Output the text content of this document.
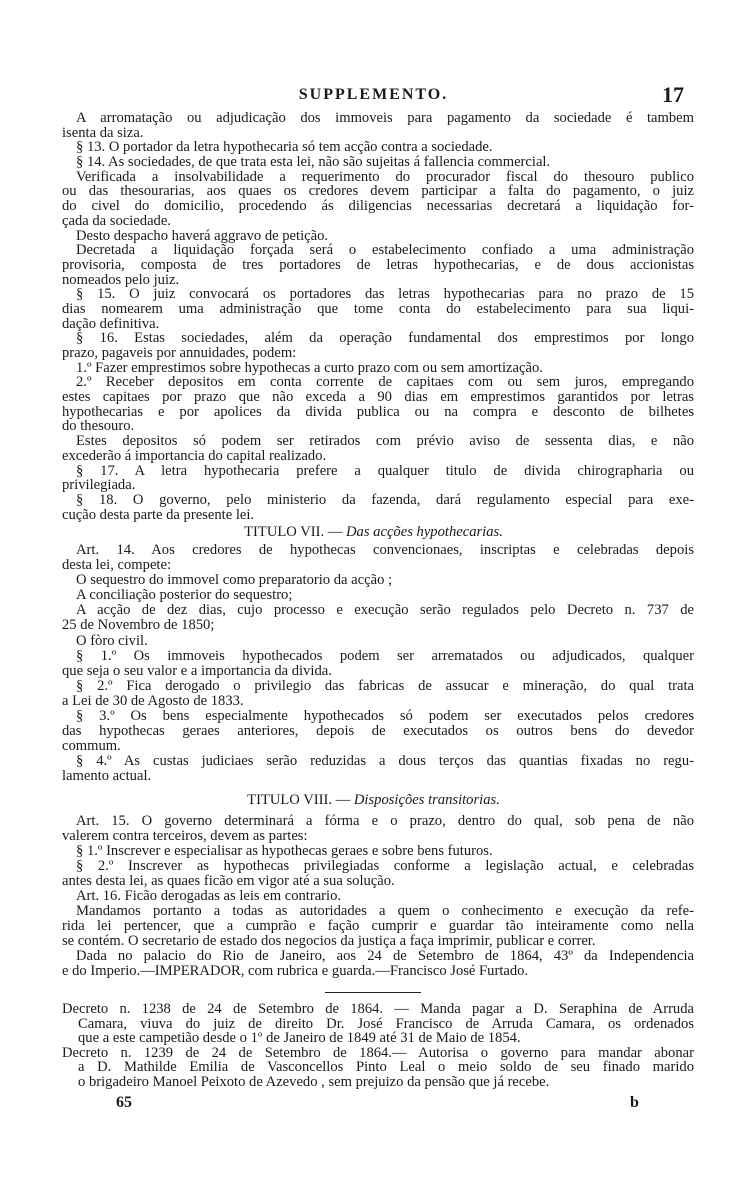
SUPPLEMENTO.	17
A arromatação ou adjudicação dos immoveis para pagamento da sociedade é tambem
isenta da siza.
§ 13. O portador da letra hypothecaria só tem acção contra a sociedade.
§ 14. As sociedades, de que trata esta lei, não são sujeitas á fallencia commercial.
Verificada a insolvabilidade a requerimento do procurador fiscal do thesouro publico
ou das thesourarias, aos quaes os credores devem participar a falta do pagamento, o juiz
do civel do domicilio, procedendo ás diligencias necessarias decretará a liquidação for-
çada da sociedade.
Desto despacho haverá aggravo de petição.
Decretada a liquidação forçada será o estabelecimento confiado a uma administração
provisoria, composta de tres portadores de letras hypothecarias, e de dous accionistas
nomeados pelo juiz.
§ 15. O juiz convocará os portadores das letras hypothecarias para no prazo de 15
dias nomearem uma administração que tome conta do estabelecimento para sua liqui-
dação definitiva.
§ 16. Estas sociedades, além da operação fundamental dos emprestimos por longo
prazo, pagaveis por annuidades, podem:
1.º Fazer emprestimos sobre hypothecas a curto prazo com ou sem amortização.
2.º Receber depositos em conta corrente de capitaes com ou sem juros, empregando
estes capitaes por prazo que não exceda a 90 dias em emprestimos garantidos por letras
hypothecarias e por apolices da divida publica ou na compra e desconto de bilhetes
do thesouro.
Estes depositos só podem ser retirados com prévio aviso de sessenta dias, e não
excederão á importancia do capital realizado.
§ 17. A letra hypothecaria prefere a qualquer titulo de divida chirographaria ou
privilegiada.
§ 18. O governo, pelo ministerio da fazenda, dará regulamento especial para exe-
cução desta parte da presente lei.
TITULO VII. — Das acções hypothecarias.
Art. 14. Aos credores de hypothecas convencionaes, inscriptas e celebradas depois
desta lei, compete:
O sequestro do immovel como preparatorio da acção ;
A conciliação posterior do sequestro;
A acção de dez dias, cujo processo e execução serão regulados pelo Decreto n. 737 de
25 de Novembro de 1850;
O fòro civil.
§ 1.º Os immoveis hypothecados podem ser arrematados ou adjudicados, qualquer
que seja o seu valor e a importancia da divida.
§ 2.º Fica derogado o privilegio das fabricas de assucar e mineração, do qual trata
a Lei de 30 de Agosto de 1833.
§ 3.º Os bens especialmente hypothecados só podem ser executados pelos credores
das hypothecas geraes anteriores, depois de executados os outros bens do devedor
commum.
§ 4.º As custas judiciaes serão reduzidas a dous terços das quantias fixadas no regu-
lamento actual.
TITULO VIII. — Disposições transitorias.
Art. 15. O governo determinará a fórma e o prazo, dentro do qual, sob pena de não
valerem contra terceiros, devem as partes:
§ 1.º Inscrever e especialisar as hypothecas geraes e sobre bens futuros.
§ 2.º Inscrever as hypothecas privilegiadas conforme a legislação actual, e celebradas
antes desta lei, as quaes ficão em vigor até a sua solução.
Art. 16. Ficão derogadas as leis em contrario.
Mandamos portanto a todas as autoridades a quem o conhecimento e execução da refe-
rida lei pertencer, que a cumprão e fação cumprir e guardar tão inteiramente como nella
se contém. O secretario de estado dos negocios da justiça a faça imprimir, publicar e correr.
Dada no palacio do Rio de Janeiro, aos 24 de Setembro de 1864, 43º da Independencia
e do Imperio.—IMPERADOR, com rubrica e guarda.—Francisco José Furtado.
Decreto n. 1238 de 24 de Setembro de 1864. — Manda pagar a D. Seraphina de Arruda
Camara, viuva do juiz de direito Dr. José Francisco de Arruda Camara, os ordenados
que a este campetião desde o 1º de Janeiro de 1849 até 31 de Maio de 1854.
Decreto n. 1239 de 24 de Setembro de 1864.— Autorisa o governo para mandar abonar
a D. Mathilde Emilia de Vasconcellos Pinto Leal o meio soldo de seu finado marido
o brigadeiro Manoel Peixoto de Azevedo , sem prejuizo da pensão que já recebe.
65	b
